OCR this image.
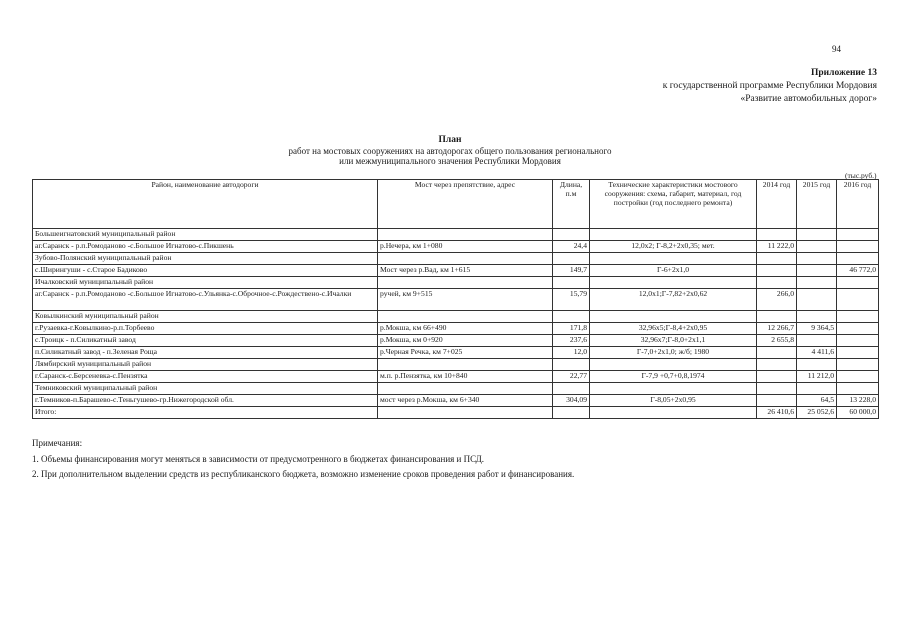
94
Приложение 13
к государственной программе Республики Мордовия
«Развитие автомобильных дорог»
План
работ на мостовых сооружениях на автодорогах общего пользования регионального
или межмуниципального значения Республики Мордовия
(тыс.руб.)
Район, наименование автодороги	Мост через препятствие, адрес	Длина, п.м	Технические характеристики мостового сооружения: схема, габарит, материал, год постройки (год последнего ремонта)	2014 год	2015 год	2016 год
Большеигнатовский муниципальный район						
аг.Саранск - р.п.Ромоданово -с.Большое Игнатово-с.Пикшень	р.Нечера, км 1+080	24,4	12,0х2; Г-8,2+2х0,35; мет.	11 222,0		
Зубово-Полянский муниципальный район						
с.Ширингуши - с.Старое Бадиково	Мост через р.Вад, км 1+615	149,7	Г-6+2х1,0			46 772,0
Ичалковский муниципальный район						
аг.Саранск - р.п.Ромоданово -с.Большое Игнатово-с.Ульянка-с.Оброчное-с.Рождествено-с.Ичалки	ручей, км 9+515	15,79	12,0х1;Г-7,82+2х0,62	266,0		
Ковылкинский муниципальный район						
г.Рузаевка-г.Ковылкино-р.п.Торбеево	р.Мокша, км 66+490	171,8	32,96х5;Г-8,4+2х0,95	12 266,7	9 364,5	
с.Троицк - п.Силикатный завод	р.Мокша, км 0+920	237,6	32,96х7;Г-8,0+2х1,1	2 655,8		
п.Силикатный завод - п.Зеленая Роща	р.Черная Речка, км 7+025	12,0	Г-7,0+2х1,0; ж/б; 1980		4 411,6	
Лямбирский муниципальный район						
г.Саранск-с.Берсеневка-с.Пензятка	м.п. р.Пензятка, км 10+840	22,77	Г-7,9 +0,7+0,8,1974		11 212,0	
Темниковский муниципальный район						
г.Темников-п.Барашево-с.Теньгушево-гр.Нижегородской обл.	мост через р.Мокша, км 6+340	304,09	Г-8,05+2х0,95		64,5	13 228,0
Итого:				26 410,6	25 052,6	60 000,0
Примечания:
1. Объемы финансирования могут меняться в зависимости от предусмотренного в бюджетах финансирования и ПСД.
2. При дополнительном выделении средств из республиканского бюджета, возможно изменение сроков проведения работ и финансирования.
